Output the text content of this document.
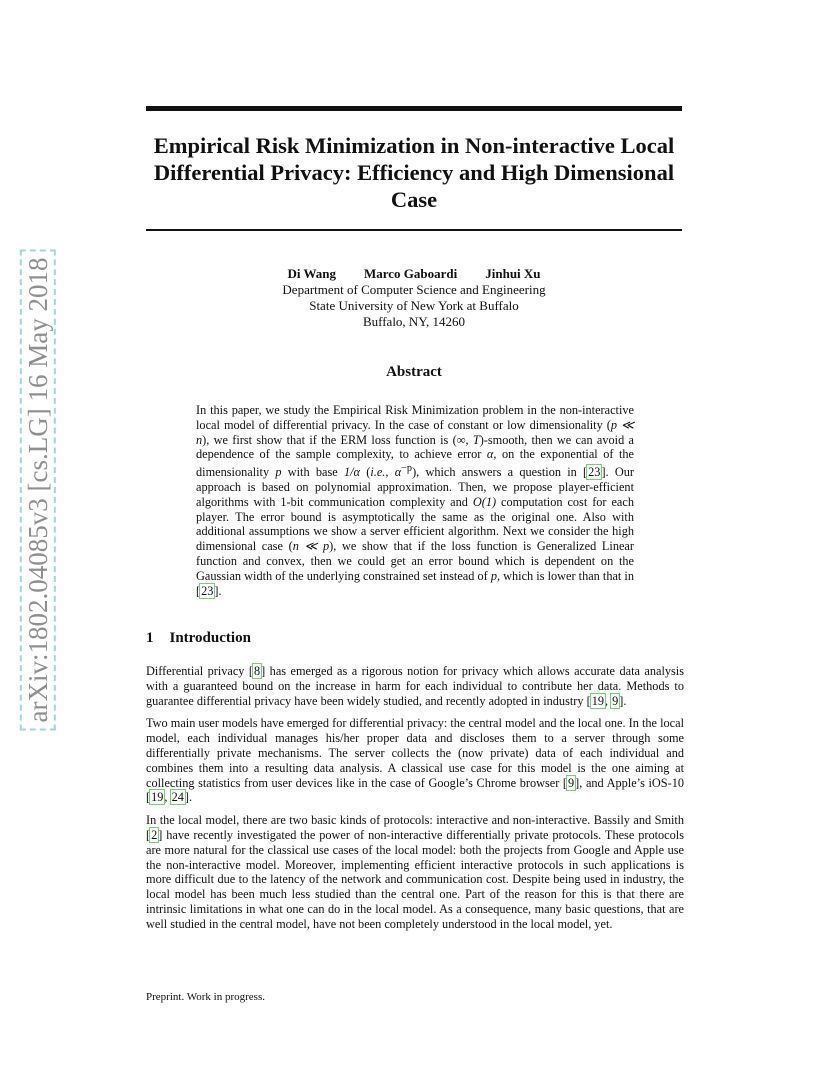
arXiv:1802.04085v3 [cs.LG] 16 May 2018
Empirical Risk Minimization in Non-interactive Local Differential Privacy: Efficiency and High Dimensional Case
Di Wang Marco Gaboardi Jinhui Xu
Department of Computer Science and Engineering
State University of New York at Buffalo
Buffalo, NY, 14260
Abstract
In this paper, we study the Empirical Risk Minimization problem in the non-interactive local model of differential privacy. In the case of constant or low dimensionality (p ≪ n), we first show that if the ERM loss function is (∞, T)-smooth, then we can avoid a dependence of the sample complexity, to achieve error α, on the exponential of the dimensionality p with base 1/α (i.e., $\alpha^{-p}$), which answers a question in [23]. Our approach is based on polynomial approximation. Then, we propose player-efficient algorithms with 1-bit communication complexity and O(1) computation cost for each player. The error bound is asymptotically the same as the original one. Also with additional assumptions we show a server efficient algorithm. Next we consider the high dimensional case (n ≪ p), we show that if the loss function is Generalized Linear function and convex, then we could get an error bound which is dependent on the Gaussian width of the underlying constrained set instead of p, which is lower than that in [23].
1 Introduction

Differential privacy [8] has emerged as a rigorous notion for privacy which allows accurate data analysis with a guaranteed bound on the increase in harm for each individual to contribute her data. Methods to guarantee differential privacy have been widely studied, and recently adopted in industry [19, 9].

Two main user models have emerged for differential privacy: the central model and the local one. In the local model, each individual manages his/her proper data and discloses them to a server through some differentially private mechanisms. The server collects the (now private) data of each individual and combines them into a resulting data analysis. A classical use case for this model is the one aiming at collecting statistics from user devices like in the case of Google’s Chrome browser [9], and Apple’s iOS-10 [19, 24].

In the local model, there are two basic kinds of protocols: interactive and non-interactive. Bassily and Smith [2] have recently investigated the power of non-interactive differentially private protocols. These protocols are more natural for the classical use cases of the local model: both the projects from Google and Apple use the non-interactive model. Moreover, implementing efficient interactive protocols in such applications is more difficult due to the latency of the network and communication cost. Despite being used in industry, the local model has been much less studied than the central one. Part of the reason for this is that there are intrinsic limitations in what one can do in the local model. As a consequence, many basic questions, that are well studied in the central model, have not been completely understood in the local model, yet.

Preprint. Work in progress.
